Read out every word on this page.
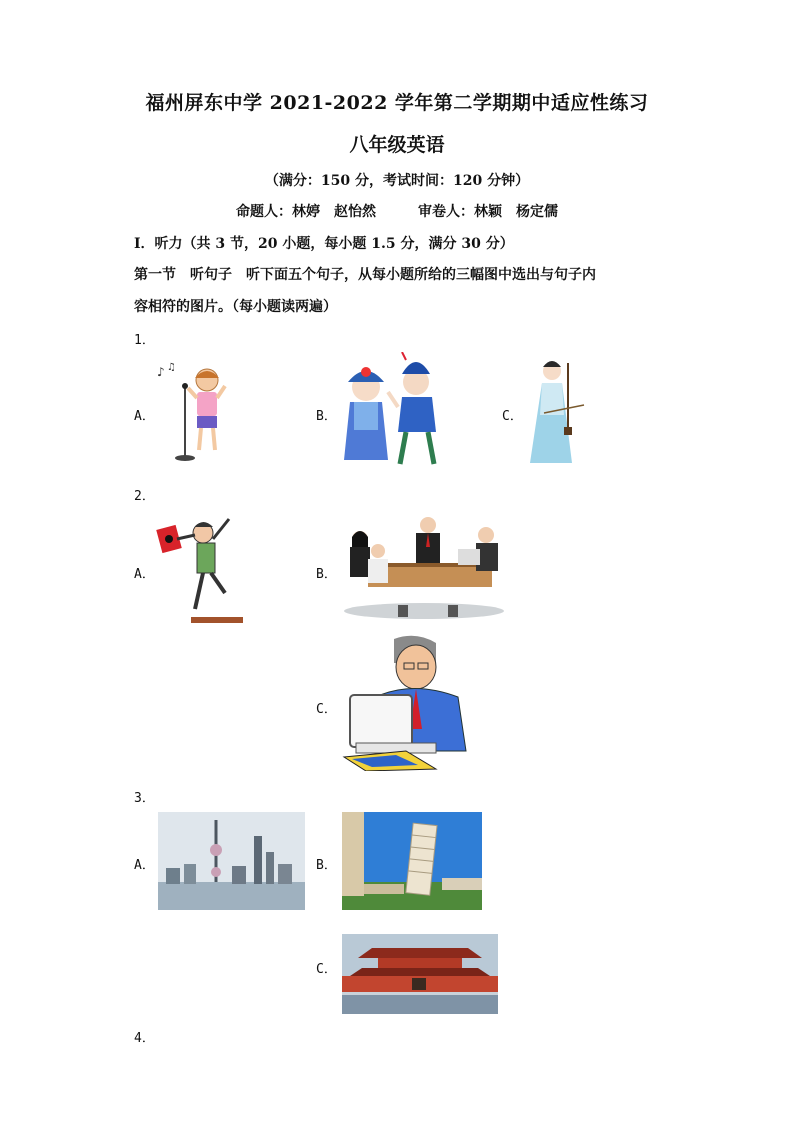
福州屏东中学 2021-2022 学年第二学期期中适应性练习
八年级英语
（满分：150 分，考试时间：120 分钟）
命题人：林婷　赵怡然　　　审卷人：林颖　杨定儒
Ⅰ．听力（共 3 节，20 小题，每小题 1.5 分，满分 30 分）
第一节　听句子　听下面五个句子，从每小题所给的三幅图中选出与句子内
容相符的图片。（每小题读两遍）
1．
A．
♪ ♫
B．	C．
2．
A．	B．
C．
3．
A．	B．
C．
4．
